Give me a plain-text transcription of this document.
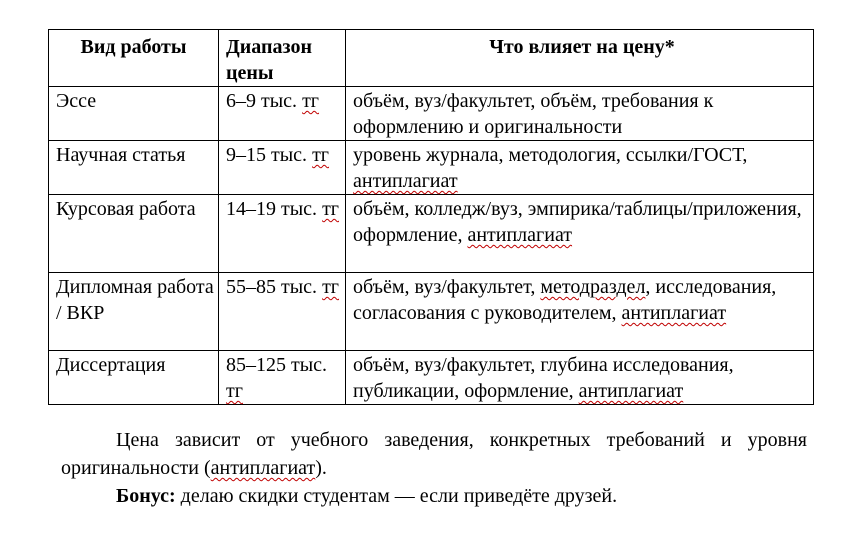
Вид работы	Диапазон цены	Что влияет на цену*
Эссе	6–9 тыс. тг	объём, вуз/факультет, объём, требования к оформлению и оригинальности
Научная статья	9–15 тыс. тг	уровень журнала, методология, ссылки/ГОСТ, антиплагиат
Курсовая работа	14–19 тыс. тг	объём, колледж/вуз, эмпирика/таблицы/приложения, оформление, антиплагиат
Дипломная работа / ВКР	55–85 тыс. тг	объём, вуз/факультет, методраздел, исследования, согласования с руководителем, антиплагиат
Диссертация	85–125 тыс. тг	объём, вуз/факультет, глубина исследования, публикации, оформление, антиплагиат

Цена зависит от учебного заведения, конкретных требований и уровня оригинальности (антиплагиат).

Бонус: делаю скидки студентам — если приведёте друзей.
